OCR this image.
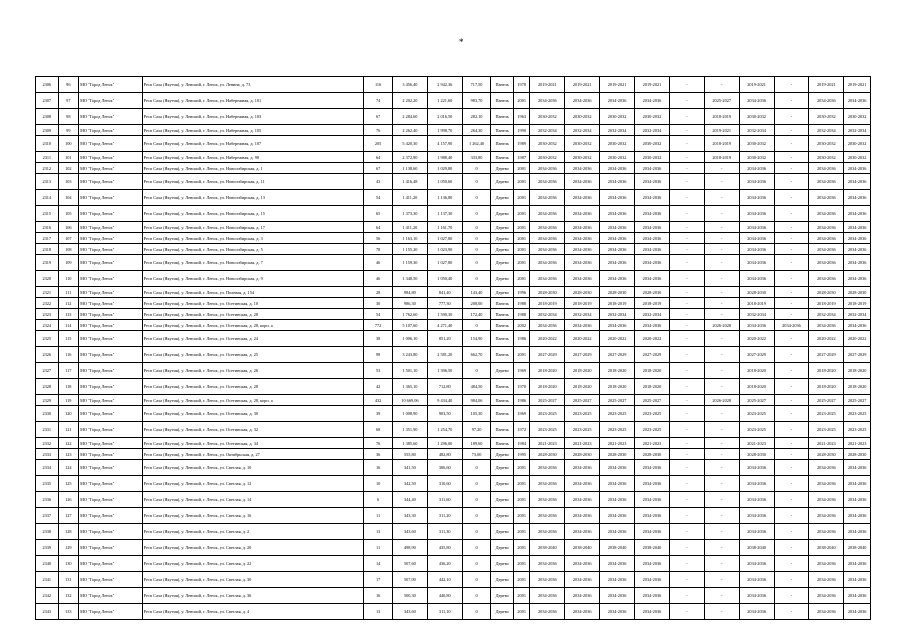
*
2306	96	МО "Город Ленск"	Респ Саха (Якутия), у. Ленский, г. Ленск, ул. Ленина, д. 73	116	3 456,40	2 942,36	717,50	Панель	1978	2019-2021	2019-2021	2019-2021	2019-2021	-	-	2019-2021	-	2019-2021	2019-2021
2307	97	МО "Город Ленск"	Респ Саха (Якутия), у. Ленский, г. Ленск, ул. Набережная, д. 101	74	2 202,20	1 221,60	983,70	Панель	2001	2034-2036	2034-2036	2034-2036	2034-2036	-	2025-2027	2034-2036	-	2034-2036	2034-2036
2308	98	МО "Город Ленск"	Респ Саха (Якутия), у. Ленский, г. Ленск, ул. Набережная, д. 103	67	2 284,60	2 016,50	282,10	Панель	1963	2030-2032	2030-2032	2030-2032	2030-2032	-	2018-2019	2030-2032	-	2030-2032	2030-2032
2309	99	МО "Город Ленск"	Респ Саха (Якутия), у. Ленский, г. Ленск, ул. Набережная, д. 105	76	2 262,40	1 998,70	264,30	Панель	1990	2032-2034	2032-2034	2032-2034	2032-2034	-	2019-2021	2032-2034	-	2032-2034	2032-2034
2310	100	МО "Город Ленск"	Респ Саха (Якутия), у. Ленский, г. Ленск, ул. Набережная, д. 107	205	5 420,30	4 157,90	1 262,40	Панель	1989	2030-2032	2030-2032	2030-2032	2030-2032	-	2018-2019	2030-2032	-	2030-2032	2030-2032
2311	101	МО "Город Ленск"	Респ Саха (Якутия), у. Ленский, г. Ленск, ул. Набережная, д. 98	64	2 372,90	1 988,40	333,80	Панель	1987	2030-2032	2030-2032	2030-2032	2030-2032	-	2018-2019	2030-2032	-	2030-2032	2030-2032
2312	102	МО "Город Ленск"	Респ Саха (Якутия), у. Ленский, г. Ленск, ул. Новосибирская, д. 1	67	1 138,60	1 029,80	0	Дерево	2001	2034-2036	2034-2036	2034-2036	2034-2036	-	-	2034-2036	-	2034-2036	2034-2036
2313	103	МО "Город Ленск"	Респ Саха (Якутия), у. Ленский, г. Ленск, ул. Новосибирская, д. 11	43	1 416,48	1 050,60	0	Дерево	2001	2034-2036	2034-2036	2034-2036	2034-2036	-	-	2034-2036	-	2034-2036	2034-2036
2314	104	МО "Город Ленск"	Респ Саха (Якутия), у. Ленский, г. Ленск, ул. Новосибирская, д. 13	54	1 411,20	1 136,80	0	Дерево	2001	2034-2036	2034-2036	2034-2036	2034-2036	-	-	2034-2036	-	2034-2036	2034-2036
2315	105	МО "Город Ленск"	Респ Саха (Якутия), у. Ленский, г. Ленск, ул. Новосибирская, д. 15	65	1 373,30	1 137,30	0	Дерево	2001	2034-2036	2034-2036	2034-2036	2034-2036	-	-	2034-2036	-	2034-2036	2034-2036
2316	106	МО "Город Ленск"	Респ Саха (Якутия), у. Ленский, г. Ленск, ул. Новосибирская, д. 17	64	1 411,20	1 161,70	0	Дерево	2001	2034-2036	2034-2036	2034-2036	2034-2036	-	-	2034-2036	-	2034-2036	2034-2036
2317	107	МО "Город Ленск"	Респ Саха (Якутия), у. Ленский, г. Ленск, ул. Новосибирская, д. 3	56	1 163,10	1 027,80	0	Дерево	2001	2034-2036	2034-2036	2034-2036	2034-2036	-	-	2034-2036	-	2034-2036	2034-2036
2318	108	МО "Город Ленск"	Респ Саха (Якутия), у. Ленский, г. Ленск, ул. Новосибирская, д. 5	78	1 155,20	1 023,90	0	Дерево	2001	2034-2036	2034-2036	2034-2036	2034-2036	-	-	2034-2036	-	2034-2036	2034-2036
2319	109	МО "Город Ленск"	Респ Саха (Якутия), у. Ленский, г. Ленск, ул. Новосибирская, д. 7	46	1 159,30	1 027,80	0	Дерево	2001	2034-2036	2034-2036	2034-2036	2034-2036	-	-	2034-2036	-	2034-2036	2034-2036
2320	110	МО "Город Ленск"	Респ Саха (Якутия), у. Ленский, г. Ленск, ул. Новосибирская, д. 9	46	1 348,50	1 050,40	0	Дерево	2001	2034-2036	2034-2036	2034-2036	2034-2036	-	-	2034-2036	-	2034-2036	2034-2036
2321	111	МО "Город Ленск"	Респ Саха (Якутия), у. Ленский, г. Ленск, ул. Полевая, д. 154	28	984,80	841,40	143,40	Дерево	1996	2028-2030	2028-2030	2028-2030	2028-2030	-	-	2028-2030	-	2028-2030	2028-2030
2322	112	МО "Город Ленск"	Респ Саха (Якутия), у. Ленский, г. Ленск, ул. Осетинская, д. 10	30	986,30	777,30	208,00	Панель	1988	2018-2019	2018-2019	2018-2019	2018-2019	-	-	2018-2019	-	2018-2019	2018-2019
2323	113	МО "Город Ленск"	Респ Саха (Якутия), у. Ленский, г. Ленск, ул. Осетинская, д. 28	54	1 762,60	1 590,30	172,40	Панель	1988	2032-2034	2032-2034	2032-2034	2032-2034	-	-	2032-2034	-	2032-2034	2032-2034
2324	114	МО "Город Ленск"	Респ Саха (Якутия), у. Ленский, г. Ленск, ул. Осетинская, д. 28, корп. а	772	5 107,60	4 271,40	0	Панель	2002	2034-2036	2034-2036	2034-2036	2034-2036	-	2026-2028	2034-2036	2034-2036	2034-2036	2034-2036
2325	115	МО "Город Ленск"	Респ Саха (Якутия), у. Ленский, г. Ленск, ул. Осетинская, д. 24	38	1 006,10	851,20	154,90	Панель	1986	2020-2022	2020-2022	2020-2022	2020-2022	-	-	2020-2022	-	2020-2022	2020-2022
2326	116	МО "Город Ленск"	Респ Саха (Якутия), у. Ленский, г. Ленск, ул. Осетинская, д. 25	98	3 243,80	2 581,20	662,70	Панель	2001	2027-2029	2027-2029	2027-2029	2027-2029	-	-	2027-2029	-	2027-2029	2027-2029
2327	117	МО "Город Ленск"	Респ Саха (Якутия), у. Ленский, г. Ленск, ул. Осетинская, д. 26	53	1 501,10	1 396,50	0	Дерево	1969	2018-2020	2018-2020	2018-2020	2018-2020	-	-	2018-2020	-	2018-2020	2018-2020
2328	118	МО "Город Ленск"	Респ Саха (Якутия), у. Ленский, г. Ленск, ул. Осетинская, д. 28	42	1 365,10	712,80	484,50	Панель	1970	2018-2020	2018-2020	2018-2020	2018-2020	-	-	2018-2020	-	2018-2020	2018-2020
2329	119	МО "Город Ленск"	Респ Саха (Якутия), у. Ленский, г. Ленск, ул. Осетинская, д. 28, корп. а	432	10 669,06	9 434,40	984,06	Панель	1986	2025-2027	2025-2027	2025-2027	2025-2027	-	2026-2028	2025-2027	-	2025-2027	2025-2027
2330	120	МО "Город Ленск"	Респ Саха (Якутия), у. Ленский, г. Ленск, ул. Осетинская, д. 30	39	1 008,90	903,50	105,30	Панель	1969	2023-2025	2023-2025	2023-2025	2023-2025	-	-	2023-2025	-	2023-2025	2023-2025
2331	121	МО "Город Ленск"	Респ Саха (Якутия), у. Ленский, г. Ленск, ул. Осетинская, д. 32	68	1 351,90	1 254,70	97,20	Панель	1972	2023-2025	2023-2025	2023-2025	2023-2025	-	-	2023-2025	-	2023-2025	2023-2025
2332	122	МО "Город Ленск"	Респ Саха (Якутия), у. Ленский, г. Ленск, ул. Осетинская, д. 34	76	1 385,60	1 296,00	189,60	Панель	1984	2021-2023	2021-2023	2021-2023	2021-2023	-	-	2021-2023	-	2021-2023	2021-2023
2333	123	МО "Город Ленск"	Респ Саха (Якутия), у. Ленский, г. Ленск, ул. Октябрьская, д. 27	36	555,80	482,80	73,00	Дерево	1995	2028-2030	2028-2030	2028-2030	2028-2030	-	-	2028-2030	-	2028-2030	2028-2030
2334	124	МО "Город Ленск"	Респ Саха (Якутия), у. Ленский, г. Ленск, ул. Светлая, д. 10	16	341,50	306,60	0	Дерево	2001	2034-2036	2034-2036	2034-2036	2034-2036	-	-	2034-2036	-	2034-2036	2034-2036
2335	125	МО "Город Ленск"	Респ Саха (Якутия), у. Ленский, г. Ленск, ул. Светлая, д. 12	10	342,50	310,60	0	Дерево	2001	2034-2036	2034-2036	2034-2036	2034-2036	-	-	2034-2036	-	2034-2036	2034-2036
2336	126	МО "Город Ленск"	Респ Саха (Якутия), у. Ленский, г. Ленск, ул. Светлая, д. 14	6	344,40	311,60	0	Дерево	2001	2034-2036	2034-2036	2034-2036	2034-2036	-	-	2034-2036	-	2034-2036	2034-2036
2337	127	МО "Город Ленск"	Респ Саха (Якутия), у. Ленский, г. Ленск, ул. Светлая, д. 16	11	343,30	311,20	0	Дерево	2001	2034-2036	2034-2036	2034-2036	2034-2036	-	-	2034-2036	-	2034-2036	2034-2036
2338	128	МО "Город Ленск"	Респ Саха (Якутия), у. Ленский, г. Ленск, ул. Светлая, д. 2	13	343,60	311,30	0	Дерево	2001	2034-2036	2034-2036	2034-2036	2034-2036	-	-	2034-2036	-	2034-2036	2034-2036
2339	129	МО "Город Ленск"	Респ Саха (Якутия), у. Ленский, г. Ленск, ул. Светлая, д. 20	11	498,90	435,80	0	Дерево	2001	2038-2040	2038-2040	2038-2040	2038-2040	-	-	2038-2040	-	2038-2040	2038-2040
2340	130	МО "Город Ленск"	Респ Саха (Якутия), у. Ленский, г. Ленск, ул. Светлая, д. 22	14	507,60	436,20	0	Дерево	2001	2034-2036	2034-2036	2034-2036	2034-2036	-	-	2034-2036	-	2034-2036	2034-2036
2341	131	МО "Город Ленск"	Респ Саха (Якутия), у. Ленский, г. Ленск, ул. Светлая, д. 30	17	507,00	442,10	0	Дерево	2001	2034-2036	2034-2036	2034-2036	2034-2036	-	-	2034-2036	-	2034-2036	2034-2036
2342	132	МО "Город Ленск"	Респ Саха (Якутия), у. Ленский, г. Ленск, ул. Светлая, д. 36	16	500,30	440,80	0	Дерево	2001	2034-2036	2034-2036	2034-2036	2034-2036	-	-	2034-2036	-	2034-2036	2034-2036
2343	133	МО "Город Ленск"	Респ Саха (Якутия), у. Ленский, г. Ленск, ул. Светлая, д. 4	13	343,60	311,10	0	Дерево	2001	2034-2036	2034-2036	2034-2036	2034-2036	-	-	2034-2036	-	2034-2036	2034-2036
